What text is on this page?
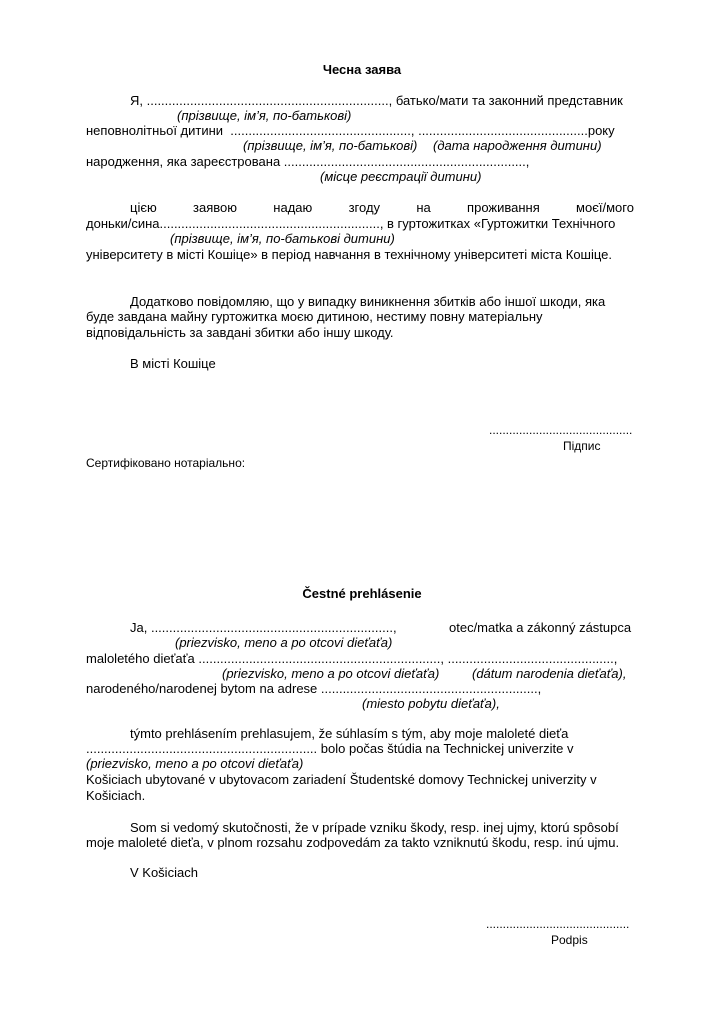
Чесна заява
Я, ..................................................................., батько/мати та законний представник
(прізвище, ім’я, по-батькові)
неповнолітньої дитини  .................................................., ...............................................року
(прізвище, ім’я, по-батькові) (дата народження дитини)
народження, яка зареєстрована ...................................................................,
(місце реєстрації дитини)
цією	заявою	надаю	згоду	на	проживання	моєї/мого
доньки/сина............................................................., в гуртожитках «Гуртожитки Технічного
(прізвище, ім’я, по-батькові дитини)
університету в місті Кошіце» в період навчання в технічному університеті міста Кошіце.
Додатково повідомляю, що у випадку виникнення збитків або іншої шкоди, яка
буде завдана майну гуртожитка моєю дитиною, нестиму повну матеріальну
відповідальність за завдані збитки або іншу шкоду.
В місті Кошіце
...........................................
Підпис
Сертифіковано нотаріально:
Čestné prehlásenie
Ja, ...................................................................,	otec/matka a zákonný zástupca
(priezvisko, meno a po otcovi dieťaťa)
maloletého dieťaťa ..................................................................., ..............................................,
(priezvisko, meno a po otcovi dieťaťa)	(dátum narodenia dieťaťa),
narodeného/narodenej bytom na adrese ............................................................,
(miesto pobytu dieťaťa),
týmto prehlásením prehlasujem, že súhlasím s tým, aby moje maloleté dieťa
................................................................ bolo počas štúdia na Technickej univerzite v
(priezvisko, meno a po otcovi dieťaťa)
Košiciach ubytované v ubytovacom zariadení Študentské domovy Technickej univerzity v
Košiciach.
Som si vedomý skutočnosti, že v prípade vzniku škody, resp. inej ujmy, ktorú spôsobí
moje maloleté dieťa, v plnom rozsahu zodpovedám za takto vzniknutú škodu, resp. inú ujmu.
V Košiciach
...........................................
Podpis
